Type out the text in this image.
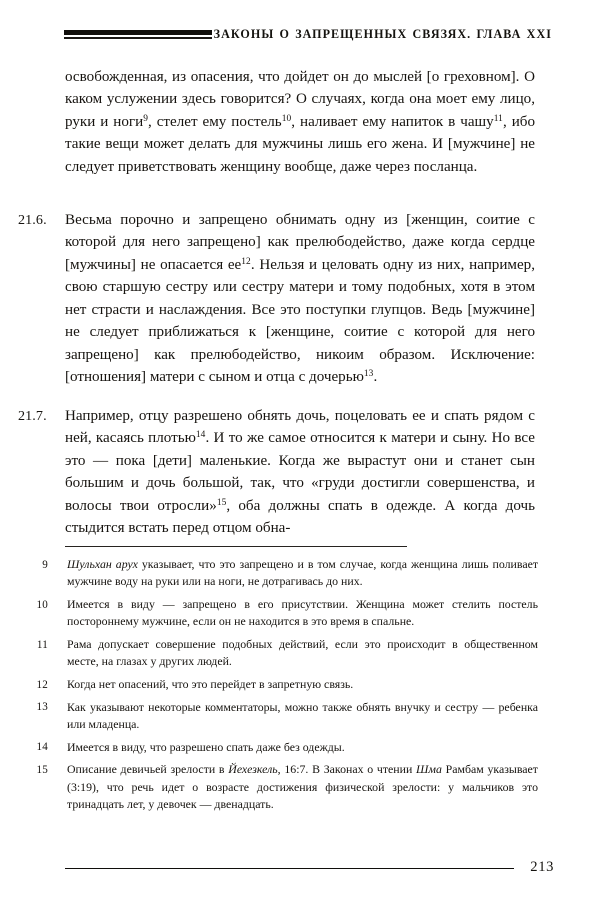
ЗАКОНЫ О ЗАПРЕЩЕННЫХ СВЯЗЯХ. ГЛАВА XXI
освобожденная, из опасения, что дойдет он до мыслей [о греховном]. О каком услужении здесь говорится? О случаях, когда она моет ему лицо, руки и ноги$^9$, стелет ему постель$^{10}$, наливает ему напиток в чашу$^{11}$, ибо такие вещи может делать для мужчины лишь его жена. И [мужчине] не следует приветствовать женщину вообще, даже через посланца.
21.6.	Весьма порочно и запрещено обнимать одну из [женщин, соитие с которой для него запрещено] как прелюбодейство, даже когда сердце [мужчины] не опасается ее$^{12}$. Нельзя и целовать одну из них, например, свою старшую сестру или сестру матери и тому подобных, хотя в этом нет страсти и наслаждения. Все это поступки глупцов. Ведь [мужчине] не следует приближаться к [женщине, соитие с которой для него запрещено] как прелюбодейство, никоим образом. Исключение: [отношения] матери с сыном и отца с дочерью$^{13}$.
21.7.	Например, отцу разрешено обнять дочь, поцеловать ее и спать рядом с ней, касаясь плотью$^{14}$. И то же самое относится к матери и сыну. Но все это — пока [дети] маленькие. Когда же вырастут они и станет сын большим и дочь большой, так, что «груди достигли совершенства, и волосы твои отросли»$^{15}$, оба должны спать в одежде. А когда дочь стыдится встать перед отцом обна-
9 Шульхан арух указывает, что это запрещено и в том случае, когда женщина лишь поливает мужчине воду на руки или на ноги, не дотрагивась до них.
10 Имеется в виду — запрещено в его присутствии. Женщина может стелить постель постороннему мужчине, если он не находится в это время в спальне.
11 Рама допускает совершение подобных действий, если это происходит в общественном месте, на глазах у других людей.
12 Когда нет опасений, что это перейдет в запретную связь.
13 Как указывают некоторые комментаторы, можно также обнять внучку и сестру — ребенка или младенца.
14 Имеется в виду, что разрешено спать даже без одежды.
15 Описание девичьей зрелости в Йехезкель, 16:7. В Законах о чтении Шма Рамбам указывает (3:19), что речь идет о возрасте достижения физической зрелости: у мальчиков это тринадцать лет, у девочек — двенадцать.
213
